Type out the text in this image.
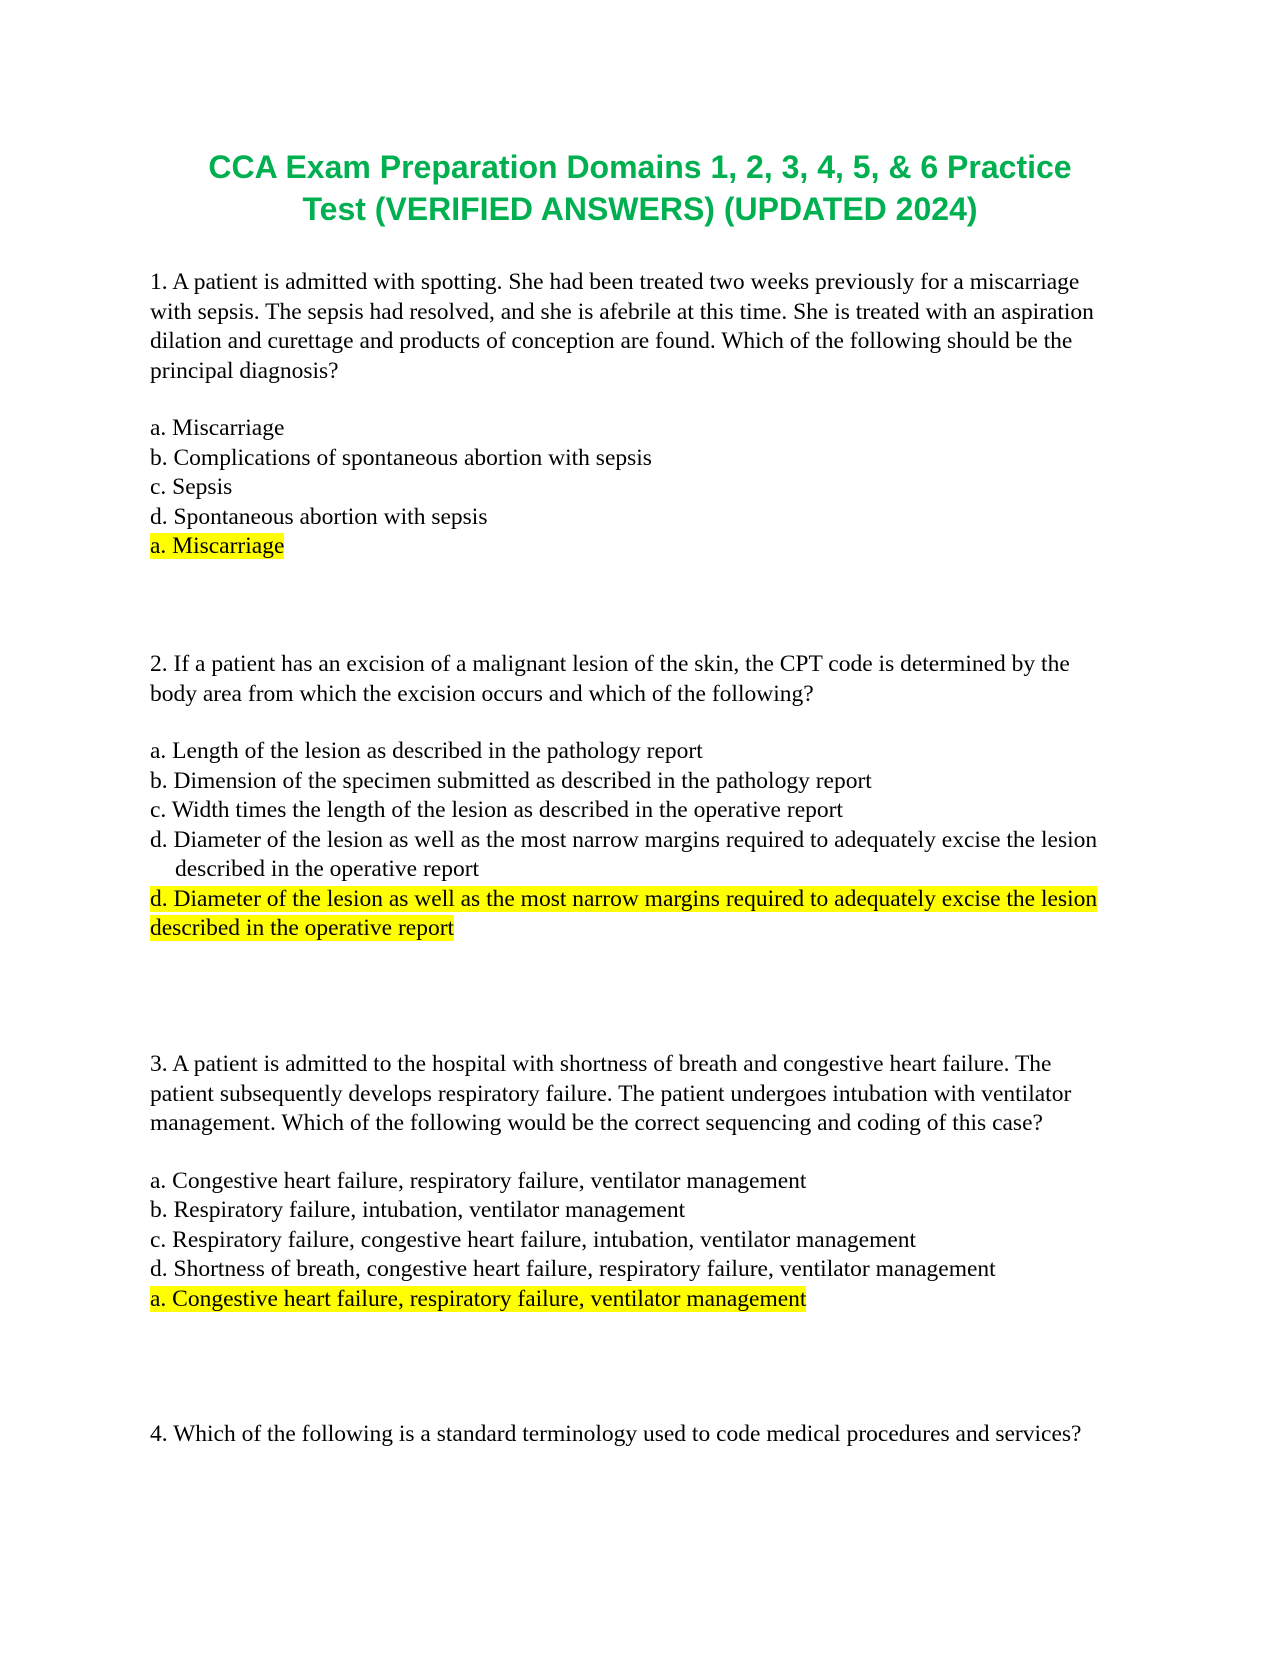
CCA Exam Preparation Domains 1, 2, 3, 4, 5, & 6 Practice
Test (VERIFIED ANSWERS) (UPDATED 2024)

1. A patient is admitted with spotting. She had been treated two weeks previously for a miscarriage with sepsis. The sepsis had resolved, and she is afebrile at this time. She is treated with an aspiration dilation and curettage and products of conception are found. Which of the following should be the principal diagnosis?

a. Miscarriage
b. Complications of spontaneous abortion with sepsis
c. Sepsis
d. Spontaneous abortion with sepsis
a. Miscarriage

2. If a patient has an excision of a malignant lesion of the skin, the CPT code is determined by the body area from which the excision occurs and which of the following?

a. Length of the lesion as described in the pathology report
b. Dimension of the specimen submitted as described in the pathology report
c. Width times the length of the lesion as described in the operative report
d. Diameter of the lesion as well as the most narrow margins required to adequately excise the lesion described in the operative report
d. Diameter of the lesion as well as the most narrow margins required to adequately excise the lesion described in the operative report

3. A patient is admitted to the hospital with shortness of breath and congestive heart failure. The patient subsequently develops respiratory failure. The patient undergoes intubation with ventilator management. Which of the following would be the correct sequencing and coding of this case?

a. Congestive heart failure, respiratory failure, ventilator management
b. Respiratory failure, intubation, ventilator management
c. Respiratory failure, congestive heart failure, intubation, ventilator management
d. Shortness of breath, congestive heart failure, respiratory failure, ventilator management
a. Congestive heart failure, respiratory failure, ventilator management

4. Which of the following is a standard terminology used to code medical procedures and services?
